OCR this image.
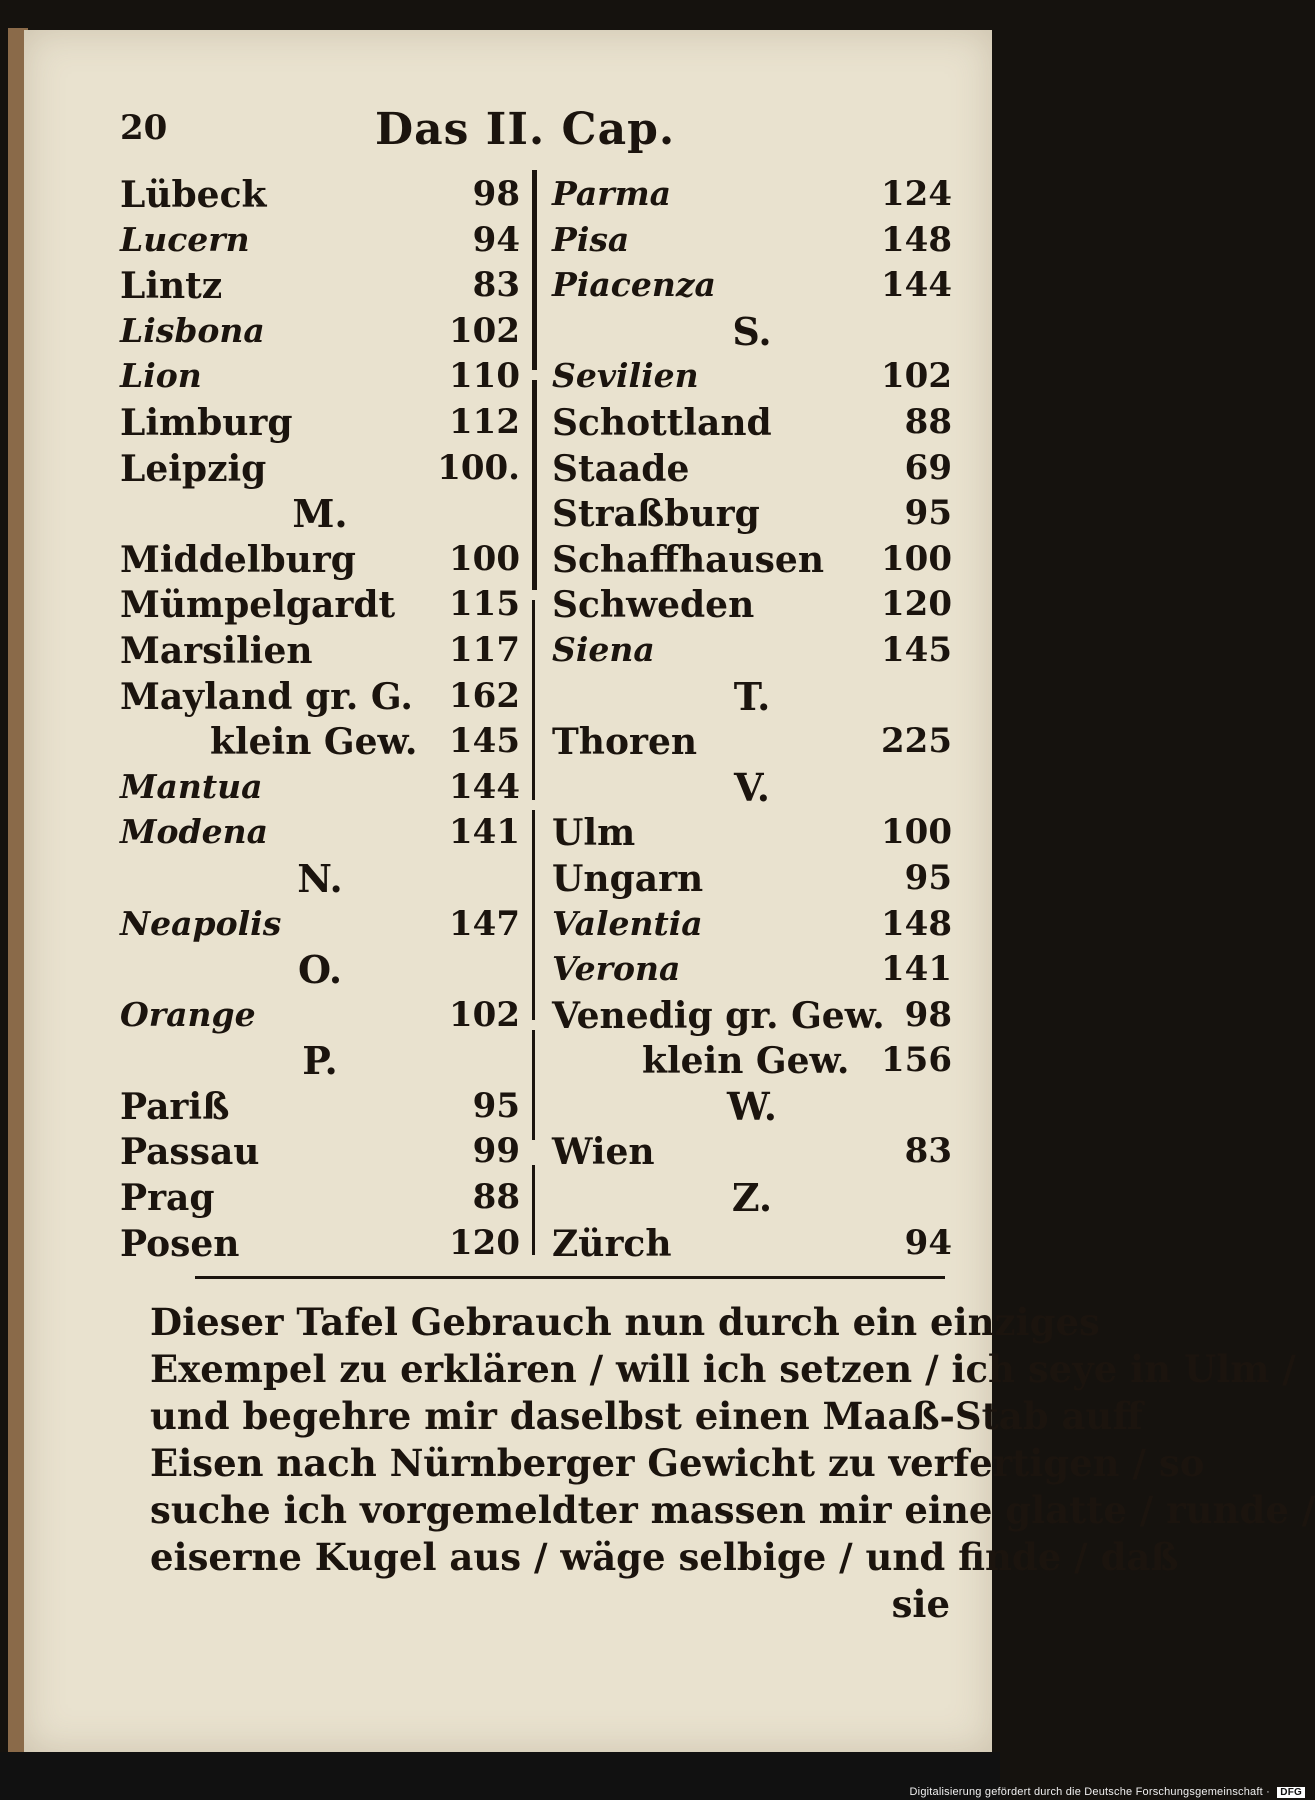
20	Das II. Cap.
Lübeck	98
Lucern	94
Lintz	83
Lisbona	102
Lion	110
Limburg	112
Leipzig	100.
M.
Middelburg	100
Mümpelgardt 115
Marsilien	117
Mayland gr. G. 162
klein Gew. 145
Mantua	144
Modena	141
N.
Neapolis	147
O.
Orange	102
P.
Pariß	95
Passau	99
Prag	88
Posen	120
Parma	124
Pisa	148
Piacenza	144
S.
Sevilien	102
Schottland	88
Staade	69
Straßburg	95
Schaffhausen 100
Schweden	120
Siena	145
T.
Thoren	225
V.
Ulm	100
Ungarn	95
Valentia	148
Verona	141
Venedig gr. Gew. 98
klein Gew. 156
W.
Wien	83
Z.
Zürch	94
Dieser Tafel Gebrauch nun durch ein einziges
Exempel zu erklären / will ich setzen / ich seye in Ulm /
und begehre mir daselbst einen Maaß-Stab auff
Eisen nach Nürnberger Gewicht zu verfertigen / so
suche ich vorgemeldter massen mir eine glatte / runde /
eiserne Kugel aus / wäge selbige / und finde / daß
sie
Digitalisierung gefördert durch die Deutsche Forschungsgemeinschaft · DFG
